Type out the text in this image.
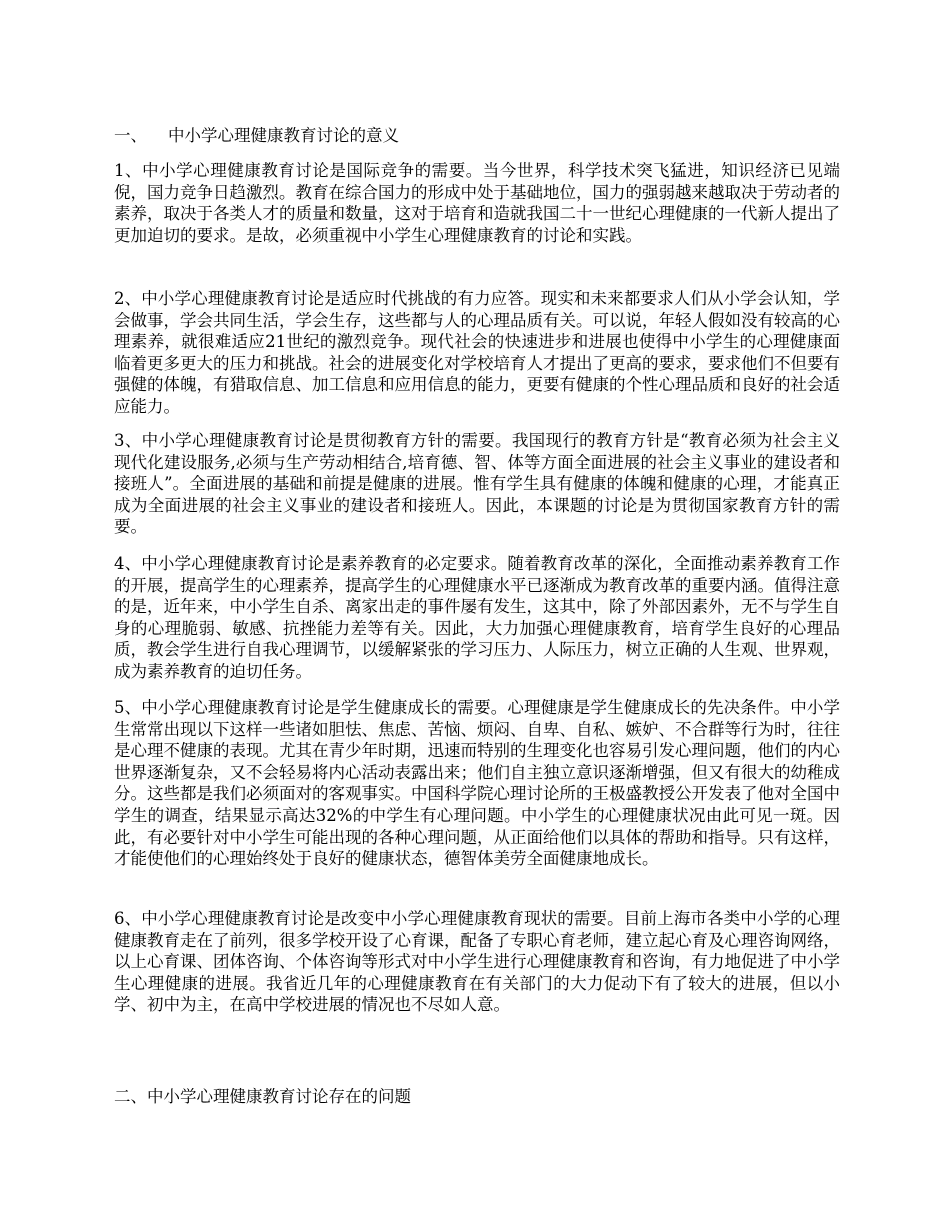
一、 中小学心理健康教育讨论的意义

1、中小学心理健康教育讨论是国际竞争的需要。当今世界，科学技术突飞猛进，知识经济已见端倪，国力竞争日趋激烈。教育在综合国力的形成中处于基础地位，国力的强弱越来越取决于劳动者的素养，取决于各类人才的质量和数量，这对于培育和造就我国二十一世纪心理健康的一代新人提出了更加迫切的要求。是故，必须重视中小学生心理健康教育的讨论和实践。

2、中小学心理健康教育讨论是适应时代挑战的有力应答。现实和未来都要求人们从小学会认知，学会做事，学会共同生活，学会生存，这些都与人的心理品质有关。可以说，年轻人假如没有较高的心理素养，就很难适应21世纪的激烈竞争。现代社会的快速进步和进展也使得中小学生的心理健康面临着更多更大的压力和挑战。社会的进展变化对学校培育人才提出了更高的要求，要求他们不但要有强健的体魄，有猎取信息、加工信息和应用信息的能力，更要有健康的个性心理品质和良好的社会适应能力。

3、中小学心理健康教育讨论是贯彻教育方针的需要。我国现行的教育方针是“教育必须为社会主义现代化建设服务,必须与生产劳动相结合,培育德、智、体等方面全面进展的社会主义事业的建设者和接班人”。全面进展的基础和前提是健康的进展。惟有学生具有健康的体魄和健康的心理，才能真正成为全面进展的社会主义事业的建设者和接班人。因此，本课题的讨论是为贯彻国家教育方针的需要。

4、中小学心理健康教育讨论是素养教育的必定要求。随着教育改革的深化，全面推动素养教育工作的开展，提高学生的心理素养，提高学生的心理健康水平已逐渐成为教育改革的重要内涵。值得注意的是，近年来，中小学生自杀、离家出走的事件屡有发生，这其中，除了外部因素外，无不与学生自身的心理脆弱、敏感、抗挫能力差等有关。因此，大力加强心理健康教育，培育学生良好的心理品质，教会学生进行自我心理调节，以缓解紧张的学习压力、人际压力，树立正确的人生观、世界观，成为素养教育的迫切任务。

5、中小学心理健康教育讨论是学生健康成长的需要。心理健康是学生健康成长的先决条件。中小学生常常出现以下这样一些诸如胆怯、焦虑、苦恼、烦闷、自卑、自私、嫉妒、不合群等行为时，往往是心理不健康的表现。尤其在青少年时期，迅速而特别的生理变化也容易引发心理问题，他们的内心世界逐渐复杂，又不会轻易将内心活动表露出来；他们自主独立意识逐渐增强，但又有很大的幼稚成分。这些都是我们必须面对的客观事实。中国科学院心理讨论所的王极盛教授公开发表了他对全国中学生的调查，结果显示高达32%的中学生有心理问题。中小学生的心理健康状况由此可见一斑。因此，有必要针对中小学生可能出现的各种心理问题，从正面给他们以具体的帮助和指导。只有这样，才能使他们的心理始终处于良好的健康状态，德智体美劳全面健康地成长。

6、中小学心理健康教育讨论是改变中小学心理健康教育现状的需要。目前上海市各类中小学的心理健康教育走在了前列，很多学校开设了心育课，配备了专职心育老师，建立起心育及心理咨询网络，以上心育课、团体咨询、个体咨询等形式对中小学生进行心理健康教育和咨询，有力地促进了中小学生心理健康的进展。我省近几年的心理健康教育在有关部门的大力促动下有了较大的进展，但以小学、初中为主，在高中学校进展的情况也不尽如人意。

二、中小学心理健康教育讨论存在的问题
